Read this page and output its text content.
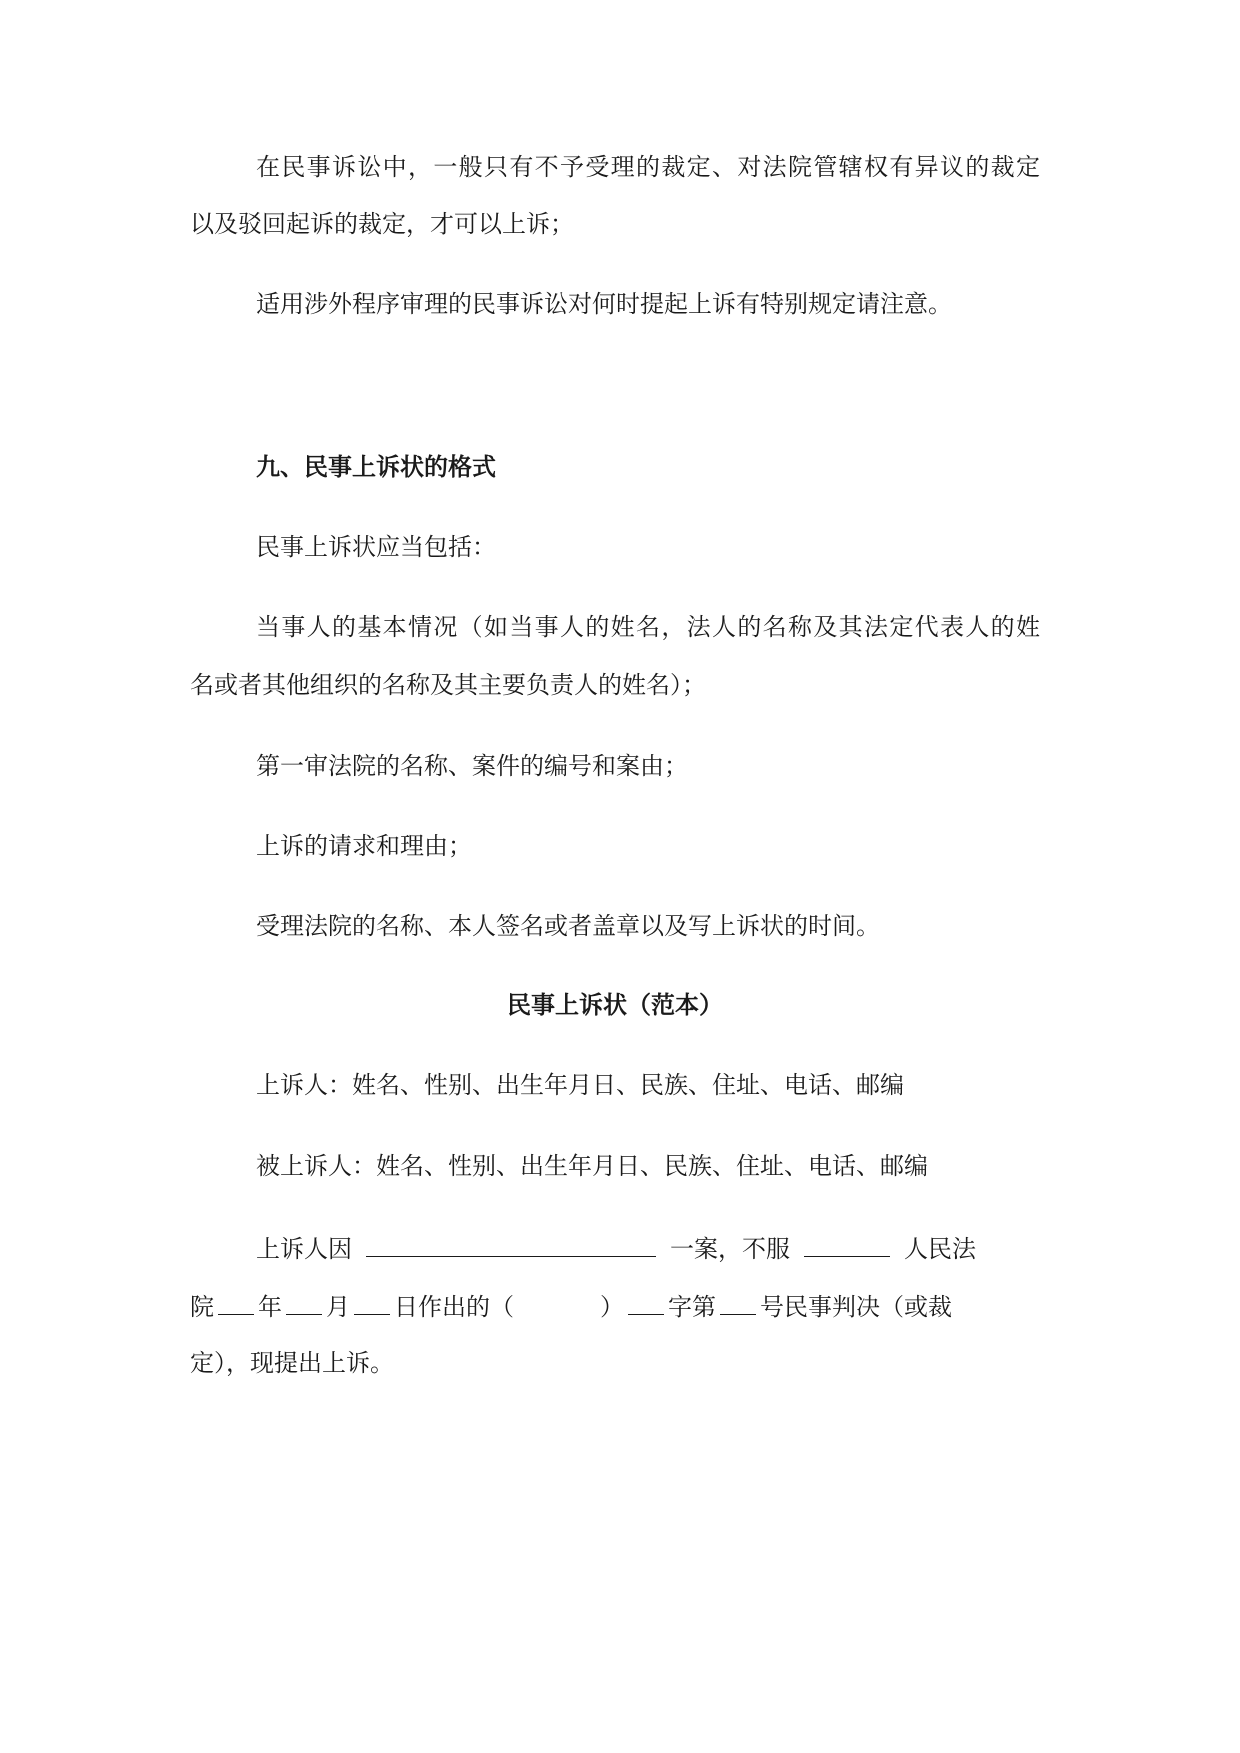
在民事诉讼中，一般只有不予受理的裁定、对法院管辖权有异议的裁定
以及驳回起诉的裁定，才可以上诉；
适用涉外程序审理的民事诉讼对何时提起上诉有特别规定请注意。
九、民事上诉状的格式
民事上诉状应当包括：
当事人的基本情况（如当事人的姓名，法人的名称及其法定代表人的姓
名或者其他组织的名称及其主要负责人的姓名）；
第一审法院的名称、案件的编号和案由；
上诉的请求和理由；
受理法院的名称、本人签名或者盖章以及写上诉状的时间。
民事上诉状（范本）
上诉人：姓名、性别、出生年月日、民族、住址、电话、邮编
被上诉人：姓名、性别、出生年月日、民族、住址、电话、邮编
上诉人因	一案，不服	人民法
院 年 月 日作出的（	） 字第 号民事判决（或裁
定），现提出上诉。
